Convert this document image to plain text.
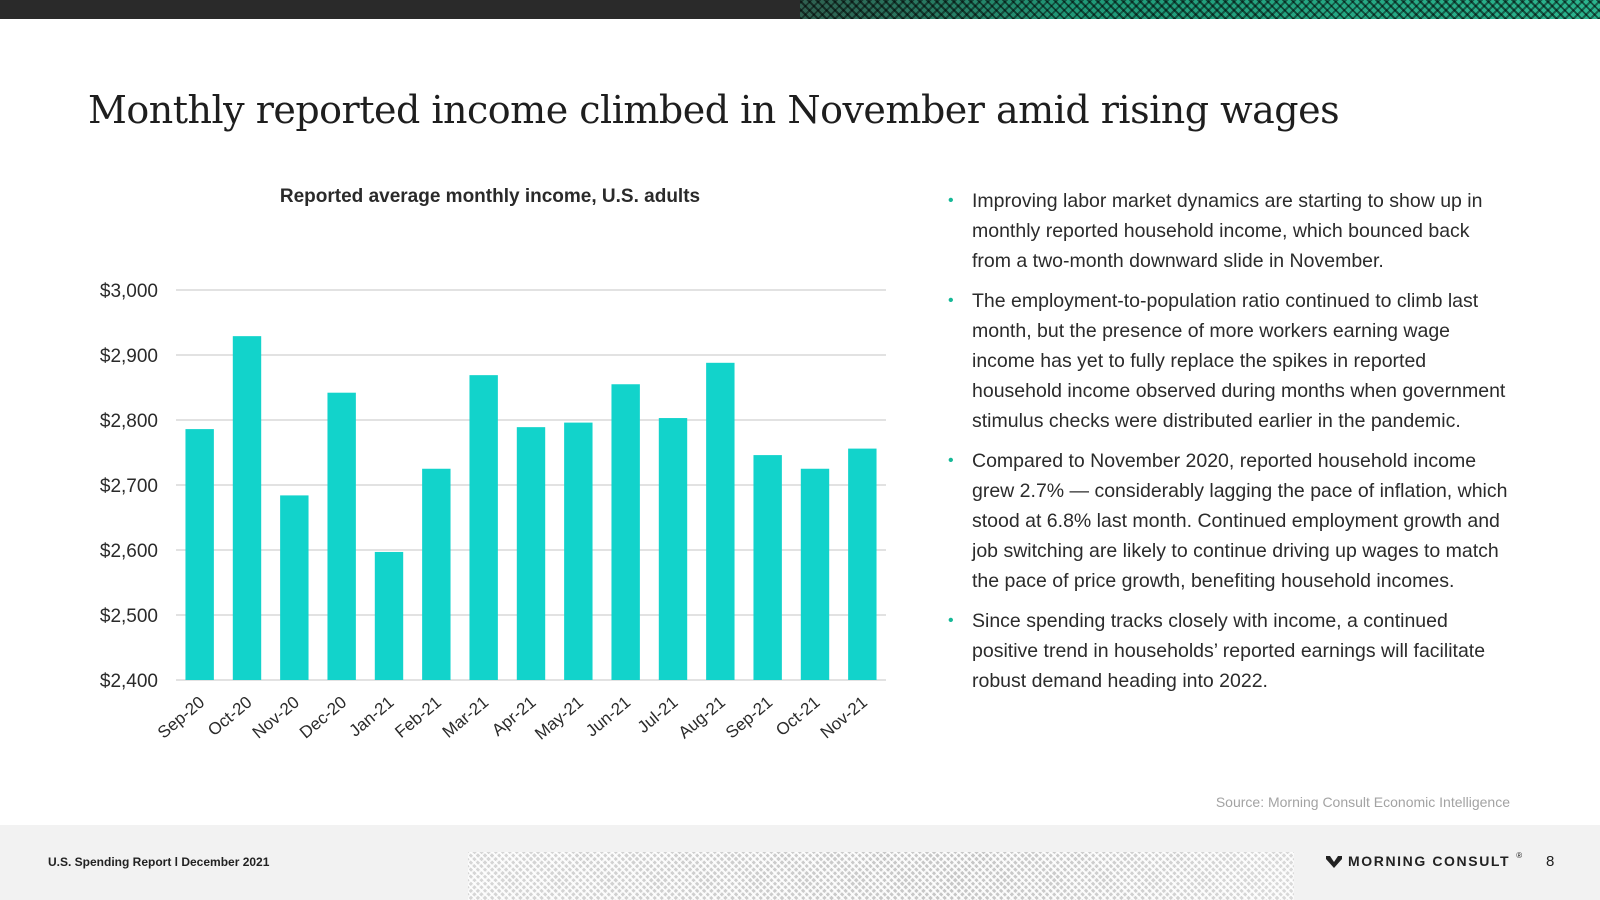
Monthly reported income climbed in November amid rising wages
Reported average monthly income, U.S. adults
$2,400
$2,500
$2,600
$2,700
$2,800
$2,900
$3,000
Sep-20
Oct-20
Nov-20
Dec-20
Jan-21
Feb-21
Mar-21
Apr-21
May-21
Jun-21 Jul-21
Aug-21
Sep-21
Oct-21
Nov-21
• Improving labor market dynamics are starting to show up in monthly reported household income, which bounced back from a two-month downward slide in November.
• The employment-to-population ratio continued to climb last month, but the presence of more workers earning wage income has yet to fully replace the spikes in reported household income observed during months when government stimulus checks were distributed earlier in the pandemic.
• Compared to November 2020, reported household income grew 2.7% — considerably lagging the pace of inflation, which stood at 6.8% last month. Continued employment growth and job switching are likely to continue driving up wages to match the pace of price growth, benefiting household incomes.
• Since spending tracks closely with income, a continued positive trend in households’ reported earnings will facilitate robust demand heading into 2022.
Source: Morning Consult Economic Intelligence
U.S. Spending Report l December 2021	MORNING CONSULT ® 8
